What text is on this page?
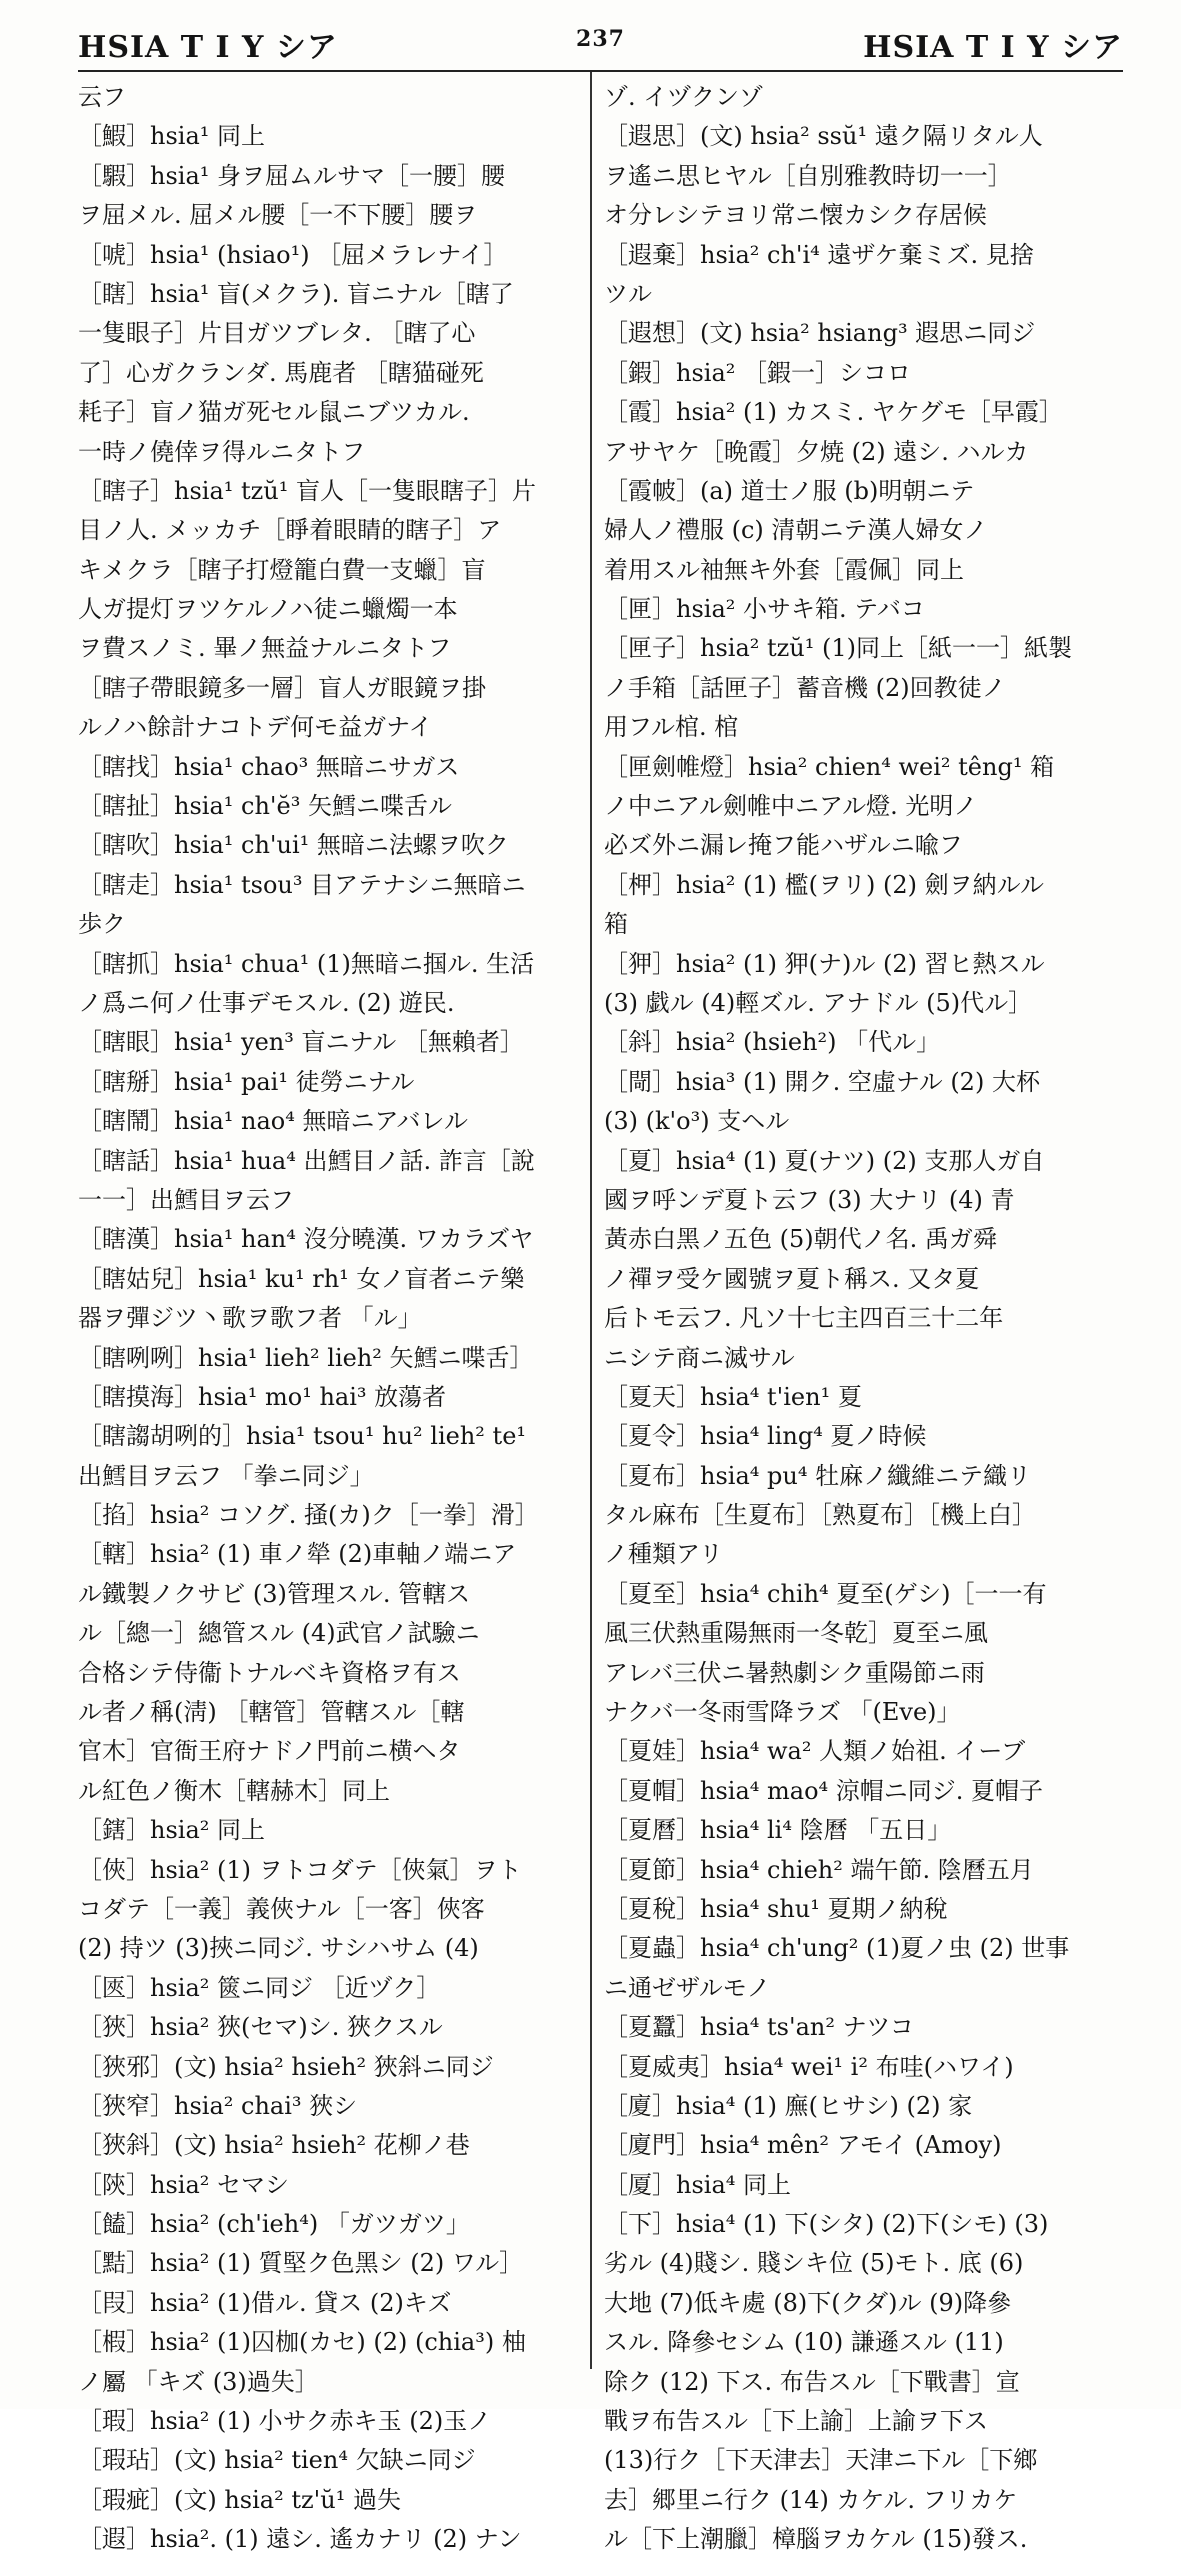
HSIA T I Y シア	237	HSIA T I Y シア
云フ
［鰕］hsia¹ 同上
［騢］hsia¹ 身ヲ屈ムルサマ［一腰］腰
ヲ屈メル. 屈メル腰［一不下腰］腰ヲ
［唬］hsia¹ (hsiao¹) ［屈メラレナイ］
［瞎］hsia¹ 盲(メクラ). 盲ニナル［瞎了
一隻眼子］片目ガツブレタ. ［瞎了心
了］心ガクランダ. 馬鹿者 ［瞎猫碰死
耗子］盲ノ猫ガ死セル鼠ニブツカル.
一時ノ僥倖ヲ得ルニタトフ
［瞎子］hsia¹ tzŭ¹ 盲人［一隻眼瞎子］片
目ノ人. メッカチ［睜着眼睛的瞎子］ア
キメクラ［瞎子打燈籠白費一支蠟］盲
人ガ提灯ヲツケルノハ徒ニ蠟燭一本
ヲ費スノミ. 畢ノ無益ナルニタトフ
［瞎子帶眼鏡多一層］盲人ガ眼鏡ヲ掛
ルノハ餘計ナコトデ何モ益ガナイ
［瞎找］hsia¹ chao³ 無暗ニサガス
［瞎扯］hsia¹ ch'ĕ³ 矢鱈ニ喋舌ル
［瞎吹］hsia¹ ch'ui¹ 無暗ニ法螺ヲ吹ク
［瞎走］hsia¹ tsou³ 目アテナシニ無暗ニ
歩ク
［瞎抓］hsia¹ chua¹ (1)無暗ニ掴ル. 生活
ノ爲ニ何ノ仕事デモスル. (2) 遊民.
［瞎眼］hsia¹ yen³ 盲ニナル ［無賴者］
［瞎掰］hsia¹ pai¹ 徒勞ニナル
［瞎鬧］hsia¹ nao⁴ 無暗ニアバレル
［瞎話］hsia¹ hua⁴ 出鱈目ノ話. 詐言［說
一一］出鱈目ヲ云フ
［瞎漢］hsia¹ han⁴ 沒分曉漢. ワカラズヤ
［瞎姑兒］hsia¹ ku¹ rh¹ 女ノ盲者ニテ樂
器ヲ彈ジツ丶歌ヲ歌フ者 「ル」
［瞎咧咧］hsia¹ lieh² lieh² 矢鱈ニ喋舌］
［瞎摸海］hsia¹ mo¹ hai³ 放蕩者
［瞎謅胡咧的］hsia¹ tsou¹ hu² lieh² te¹
出鱈目ヲ云フ 「拳ニ同ジ」
［掐］hsia² コソグ. 掻(カ)ク［一拳］滑］
［轄］hsia² (1) 車ノ犖 (2)車軸ノ端ニア
ル鐵製ノクサビ (3)管理スル. 管轄ス
ル［總一］總管スル (4)武官ノ試驗ニ
合格シテ侍衞トナルベキ資格ヲ有ス
ル者ノ稱(淸) ［轄管］管轄スル［轄
官木］官衙王府ナドノ門前ニ横ヘタ
ル紅色ノ衡木［轄赫木］同上
［鎋］hsia² 同上
［俠］hsia² (1) ヲトコダテ［俠氣］ヲト
コダテ［一義］義俠ナル［一客］俠客
(2) 持ツ (3)挾ニ同ジ. サシハサム (4)
［匧］hsia² 篋ニ同ジ ［近ヅク］
［狹］hsia² 狹(セマ)シ. 狹クスル
［狹邪］(文) hsia² hsieh² 狹斜ニ同ジ
［狹窄］hsia² chai³ 狹シ
［狹斜］(文) hsia² hsieh² 花柳ノ巷
［陝］hsia² セマシ
［饁］hsia² (ch'ieh⁴) 「ガツガツ」
［黠］hsia² (1) 質堅ク色黑シ (2) ワル］
［叚］hsia² (1)借ル. 貸ス (2)キズ
［椵］hsia² (1)囚枷(カセ) (2) (chia³) 柚
ノ屬 「キズ (3)過失］
［瑕］hsia² (1) 小サク赤キ玉 (2)玉ノ
［瑕玷］(文) hsia² tien⁴ 欠缺ニ同ジ
［瑕疵］(文) hsia² tz'ŭ¹ 過失
［遐］hsia². (1) 遠シ. 遙カナリ (2) ナン
ゾ. イヅクンゾ
［遐思］(文) hsia² ssŭ¹ 遠ク隔リタル人
ヲ遙ニ思ヒヤル［自別雅教時切一一］
オ分レシテヨリ常ニ懐カシク存居候
［遐棄］hsia² ch'i⁴ 遠ザケ棄ミズ. 見捨
ツル
［遐想］(文) hsia² hsiang³ 遐思ニ同ジ
［鍜］hsia² ［鍜一］シコロ
［霞］hsia² (1) カスミ. ヤケグモ［早霞］
アサヤケ［晩霞］夕焼 (2) 遠シ. ハルカ
［霞帔］(a) 道士ノ服 (b)明朝ニテ
婦人ノ禮服 (c) 清朝ニテ漢人婦女ノ
着用スル袖無キ外套［霞佩］同上
［匣］hsia² 小サキ箱. テバコ
［匣子］hsia² tzŭ¹ (1)同上［紙一一］紙製
ノ手箱［話匣子］蓄音機 (2)回教徒ノ
用フル棺. 棺
［匣劍帷燈］hsia² chien⁴ wei² têng¹ 箱
ノ中ニアル劍帷中ニアル燈. 光明ノ
必ズ外ニ漏レ掩フ能ハザルニ喩フ
［柙］hsia² (1) 檻(ヲリ) (2) 劍ヲ納ルル
箱
［狎］hsia² (1) 狎(ナ)ル (2) 習ヒ熱スル
(3) 戯ル (4)輕ズル. アナドル (5)代ル］
［斜］hsia² (hsieh²) 「代ル」
［閜］hsia³ (1) 開ク. 空虛ナル (2) 大杯
(3) (k'o³) 支ヘル
［夏］hsia⁴ (1) 夏(ナツ) (2) 支那人ガ自
國ヲ呼ンデ夏ト云フ (3) 大ナリ (4) 青
黃赤白黑ノ五色 (5)朝代ノ名. 禹ガ舜
ノ禪ヲ受ケ國號ヲ夏ト稱ス. 又タ夏
后トモ云フ. 凡ソ十七主四百三十二年
ニシテ商ニ滅サル
［夏天］hsia⁴ t'ien¹ 夏
［夏令］hsia⁴ ling⁴ 夏ノ時候
［夏布］hsia⁴ pu⁴ 牡麻ノ纖維ニテ織リ
タル麻布［生夏布］［熟夏布］［機上白］
ノ種類アリ
［夏至］hsia⁴ chih⁴ 夏至(ゲシ)［一一有
風三伏熱重陽無雨一冬乾］夏至ニ風
アレバ三伏ニ暑熱劇シク重陽節ニ雨
ナクバ一冬雨雪降ラズ 「(Eve)」
［夏娃］hsia⁴ wa² 人類ノ始祖. イーブ
［夏帽］hsia⁴ mao⁴ 涼帽ニ同ジ. 夏帽子
［夏曆］hsia⁴ li⁴ 陰曆 「五日」
［夏節］hsia⁴ chieh² 端午節. 陰曆五月
［夏稅］hsia⁴ shu¹ 夏期ノ納稅
［夏蟲］hsia⁴ ch'ung² (1)夏ノ虫 (2) 世事
ニ通ゼザルモノ
［夏蠶］hsia⁴ ts'an² ナツコ
［夏威夷］hsia⁴ wei¹ i² 布哇(ハワイ)
［廈］hsia⁴ (1) 廡(ヒサシ) (2) 家
［廈門］hsia⁴ mên² アモイ (Amoy)
［厦］hsia⁴ 同上
［下］hsia⁴ (1) 下(シタ) (2)下(シモ) (3)
劣ル (4)賤シ. 賤シキ位 (5)モト. 底 (6)
大地 (7)低キ處 (8)下(クダ)ル (9)降參
スル. 降參セシム (10) 謙遜スル (11)
除ク (12) 下ス. 布告スル［下戰書］宣
戰ヲ布告スル［下上諭］上諭ヲ下ス
(13)行ク［下天津去］天津ニ下ル［下鄉
去］郷里ニ行ク (14) カケル. フリカケ
ル［下上潮臘］樟腦ヲカケル (15)發ス.
